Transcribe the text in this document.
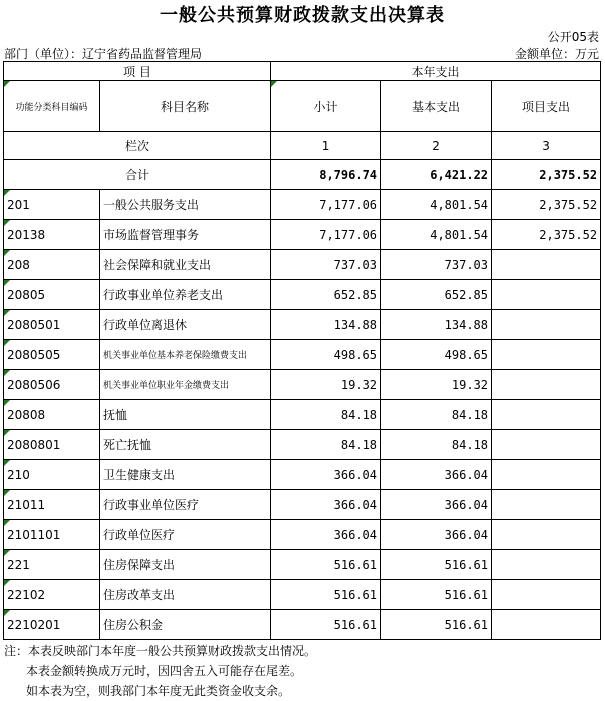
一般公共预算财政拨款支出决算表
公开05表
部门（单位）：辽宁省药品监督管理局	金额单位：万元
项 目		本年支出		
功能分类科目编码	科目名称	小计	基本支出	项目支出
栏次		1	2	3
合计		8,796.74	6,421.22	2,375.52
201	一般公共服务支出	7,177.06	4,801.54	2,375.52
20138	市场监督管理事务	7,177.06	4,801.54	2,375.52
208	社会保障和就业支出	737.03	737.03	
20805	行政事业单位养老支出	652.85	652.85	
2080501	行政单位离退休	134.88	134.88	
2080505	机关事业单位基本养老保险缴费支出	498.65	498.65	
2080506	机关事业单位职业年金缴费支出	19.32	19.32	
20808	抚恤	84.18	84.18	
2080801	死亡抚恤	84.18	84.18	
210	卫生健康支出	366.04	366.04	
21011	行政事业单位医疗	366.04	366.04	
2101101	行政单位医疗	366.04	366.04	
221	住房保障支出	516.61	516.61	
22102	住房改革支出	516.61	516.61	
2210201	住房公积金	516.61	516.61	
注：本表反映部门本年度一般公共预算财政拨款支出情况。
本表金额转换成万元时，因四舍五入可能存在尾差。
如本表为空，则我部门本年度无此类资金收支余。
